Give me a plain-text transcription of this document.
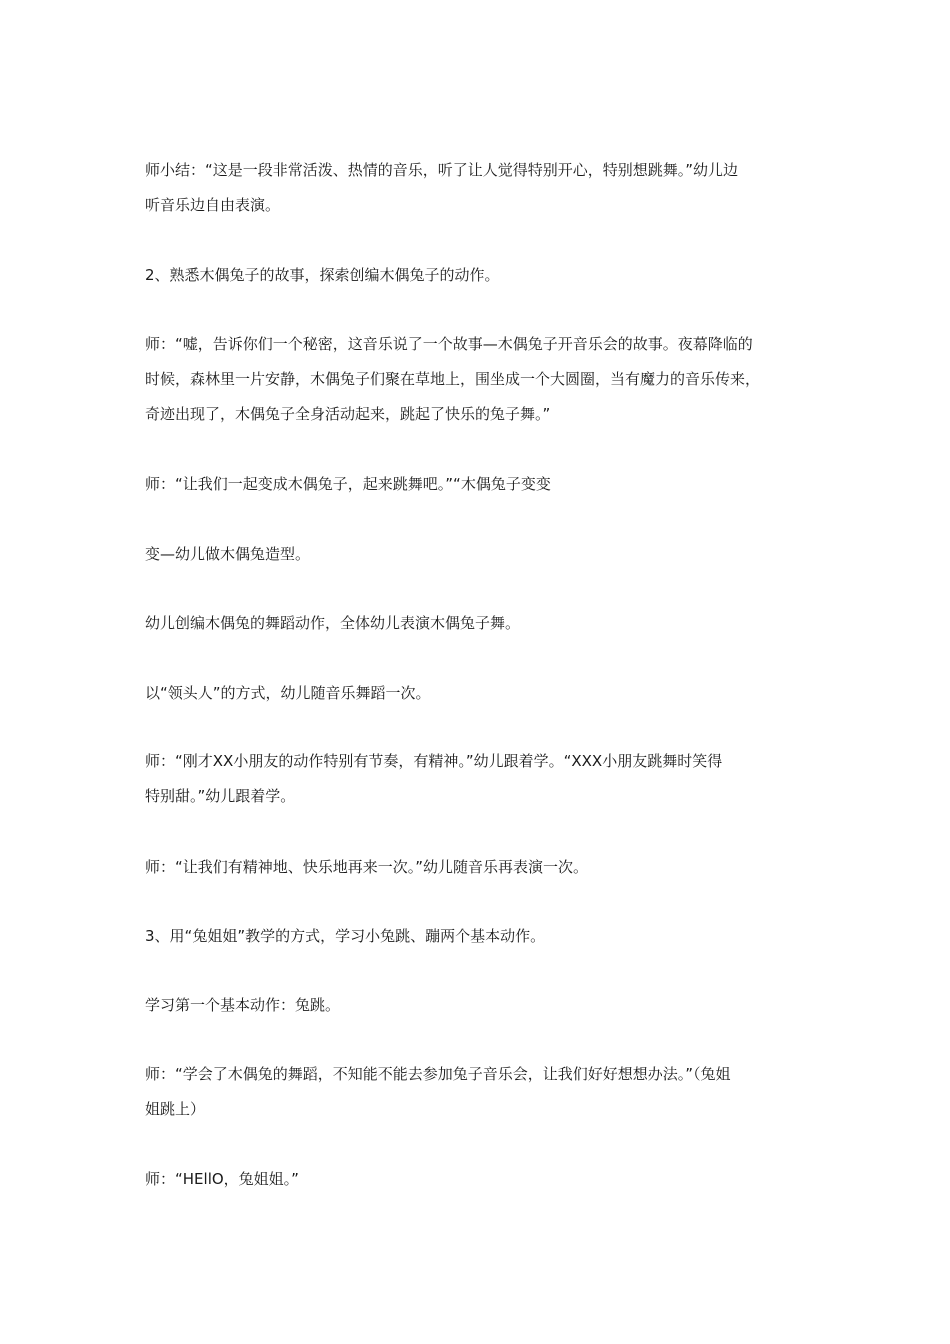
师小结：“这是一段非常活泼、热情的音乐，听了让人觉得特别开心，特别想跳舞。”幼儿边
听音乐边自由表演。

2、熟悉木偶兔子的故事，探索创编木偶兔子的动作。

师：“嘘，告诉你们一个秘密，这音乐说了一个故事—木偶兔子开音乐会的故事。夜幕降临的
时候，森林里一片安静，木偶兔子们聚在草地上，围坐成一个大圆圈，当有魔力的音乐传来，
奇迹出现了，木偶兔子全身活动起来，跳起了快乐的兔子舞。”

师：“让我们一起变成木偶兔子，起来跳舞吧。”“木偶兔子变变

变—幼儿做木偶兔造型。

幼儿创编木偶兔的舞蹈动作，全体幼儿表演木偶兔子舞。

以“领头人”的方式，幼儿随音乐舞蹈一次。

师：“刚才XX小朋友的动作特别有节奏，有精神。”幼儿跟着学。“XXX小朋友跳舞时笑得
特别甜。”幼儿跟着学。

师：“让我们有精神地、快乐地再来一次。”幼儿随音乐再表演一次。

3、用“兔姐姐”教学的方式，学习小兔跳、蹦两个基本动作。

学习第一个基本动作：兔跳。

师：“学会了木偶兔的舞蹈，不知能不能去参加兔子音乐会，让我们好好想想办法。”（兔姐
姐跳上）

师：“HEllO，兔姐姐。”
